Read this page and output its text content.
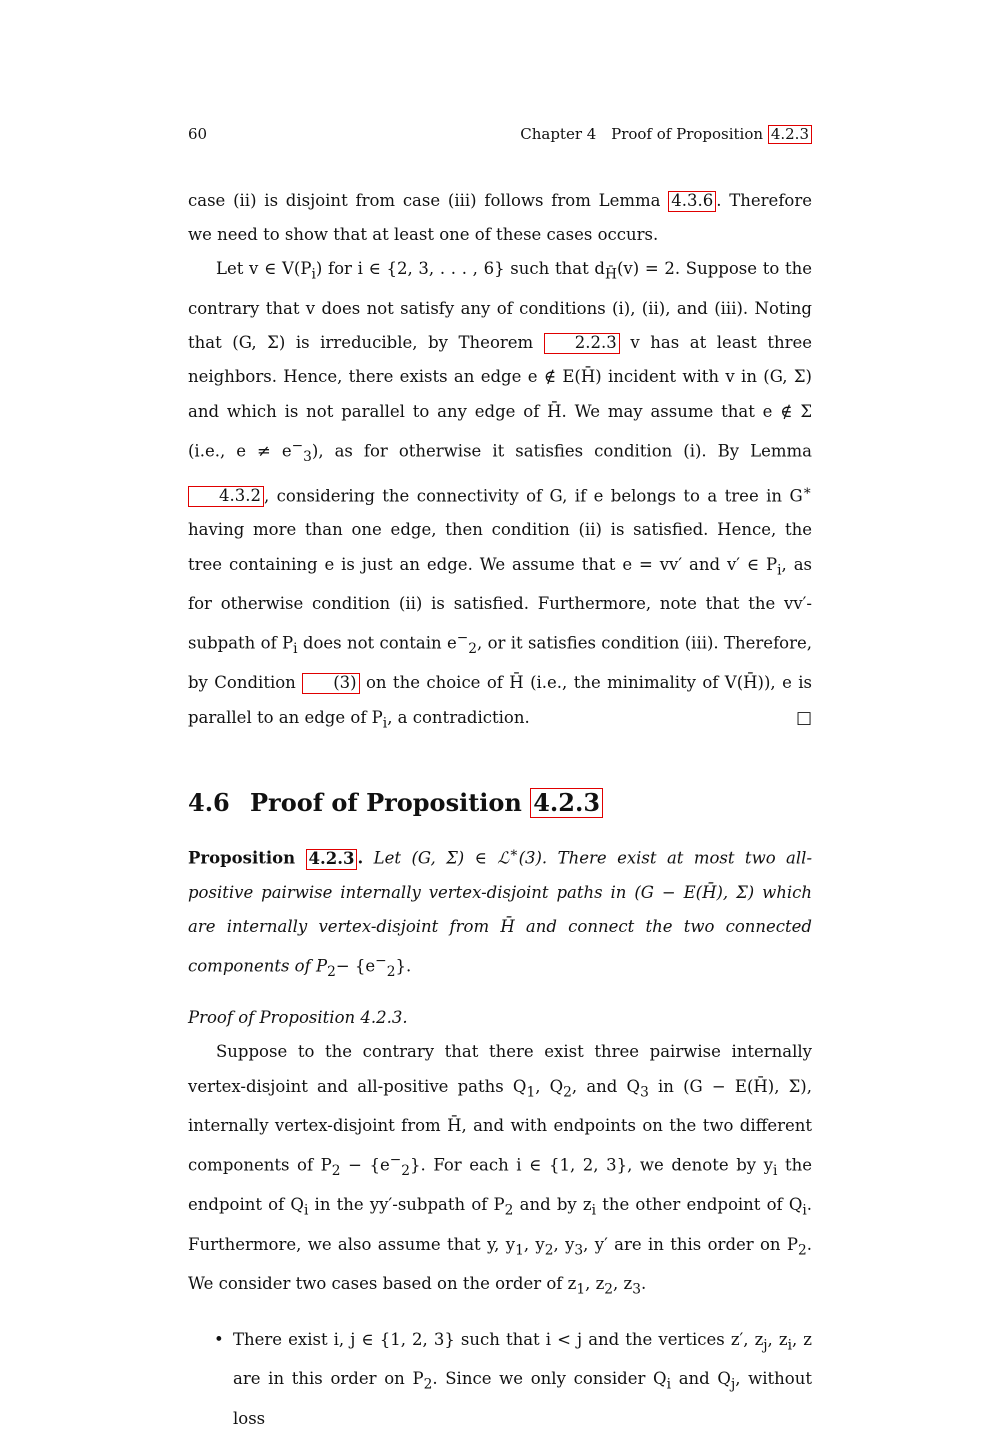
60	Chapter 4 Proof of Proposition 4.2.3

case (ii) is disjoint from case (iii) follows from Lemma 4.3.6 . Therefore we need to show that at least one of these cases occurs.

Let v ∈ $V(P_i)$ for i ∈ {2, 3, . . . , 6} such that $d_{H̄}(v) = 2$. Suppose to the contrary that v does not satisfy any of conditions (i), (ii), and (iii). Noting that (G, Σ) is irreducible, by Theorem	2.2.3 v has at least three neighbors. Hence, there exists an edge e ∉ E(H̄) incident with v in (G, Σ) and which is not parallel to any edge of H̄. We may assume that e ∉ Σ (i.e., $e \ne e^-_3$), as for otherwise it satisfies condition (i). By Lemma 4.3.2 , considering the connectivity of G, if e belongs to a tree in G∗ having more than one edge, then condition (ii) is satisfied. Hence, the tree containing e is just an edge. We assume that e = vv′ and v′ ∈ $P_i$, as for otherwise condition (ii) is satisfied. Furthermore, note that the vv′-subpath of $P_i$ does not contain $e^-_2$, or it satisfies condition (iii). Therefore, by Condition (3) on the choice of H̄ (i.e., the minimality of V(H̄)), e is parallel to an edge of $P_i$, a contradiction.	□

4.6 Proof of Proposition 4.2.3

Proposition 4.2.3 . Let (G, Σ) ∈ ℒ∗(3). There exist at most two all-positive pairwise internally vertex-disjoint paths in (G − E(H̄), Σ) which are internally vertex-disjoint from H̄ and connect the two connected components of $P_2- \{e^-_2\}$.

Proof of Proposition 4.2.3.

Suppose to the contrary that there exist three pairwise internally vertex-disjoint and all-positive paths $Q_1$, $Q_2$, and $Q_3$ in (G − E(H̄), Σ), internally vertex-disjoint from H̄, and with endpoints on the two different components of $P_2 - \{e^-_2\}$. For each i ∈ {1, 2, 3}, we denote by $y_i$ the endpoint of $Q_i$ in the yy′-subpath of $P_2$ and by $z_i$ the other endpoint of $Q_i$. Furthermore, we also assume that y, $y_1$, $y_2$, $y_3$, y′ are in this order on $P_2$. We consider two cases based on the order of $z_1$, $z_2$, $z_3$.

• There exist i, j ∈ {1, 2, 3} such that i < j and the vertices z′, $z_j$, $z_i$, z are in this order on $P_2$. Since we only consider $Q_i$ and $Q_j$, without loss
